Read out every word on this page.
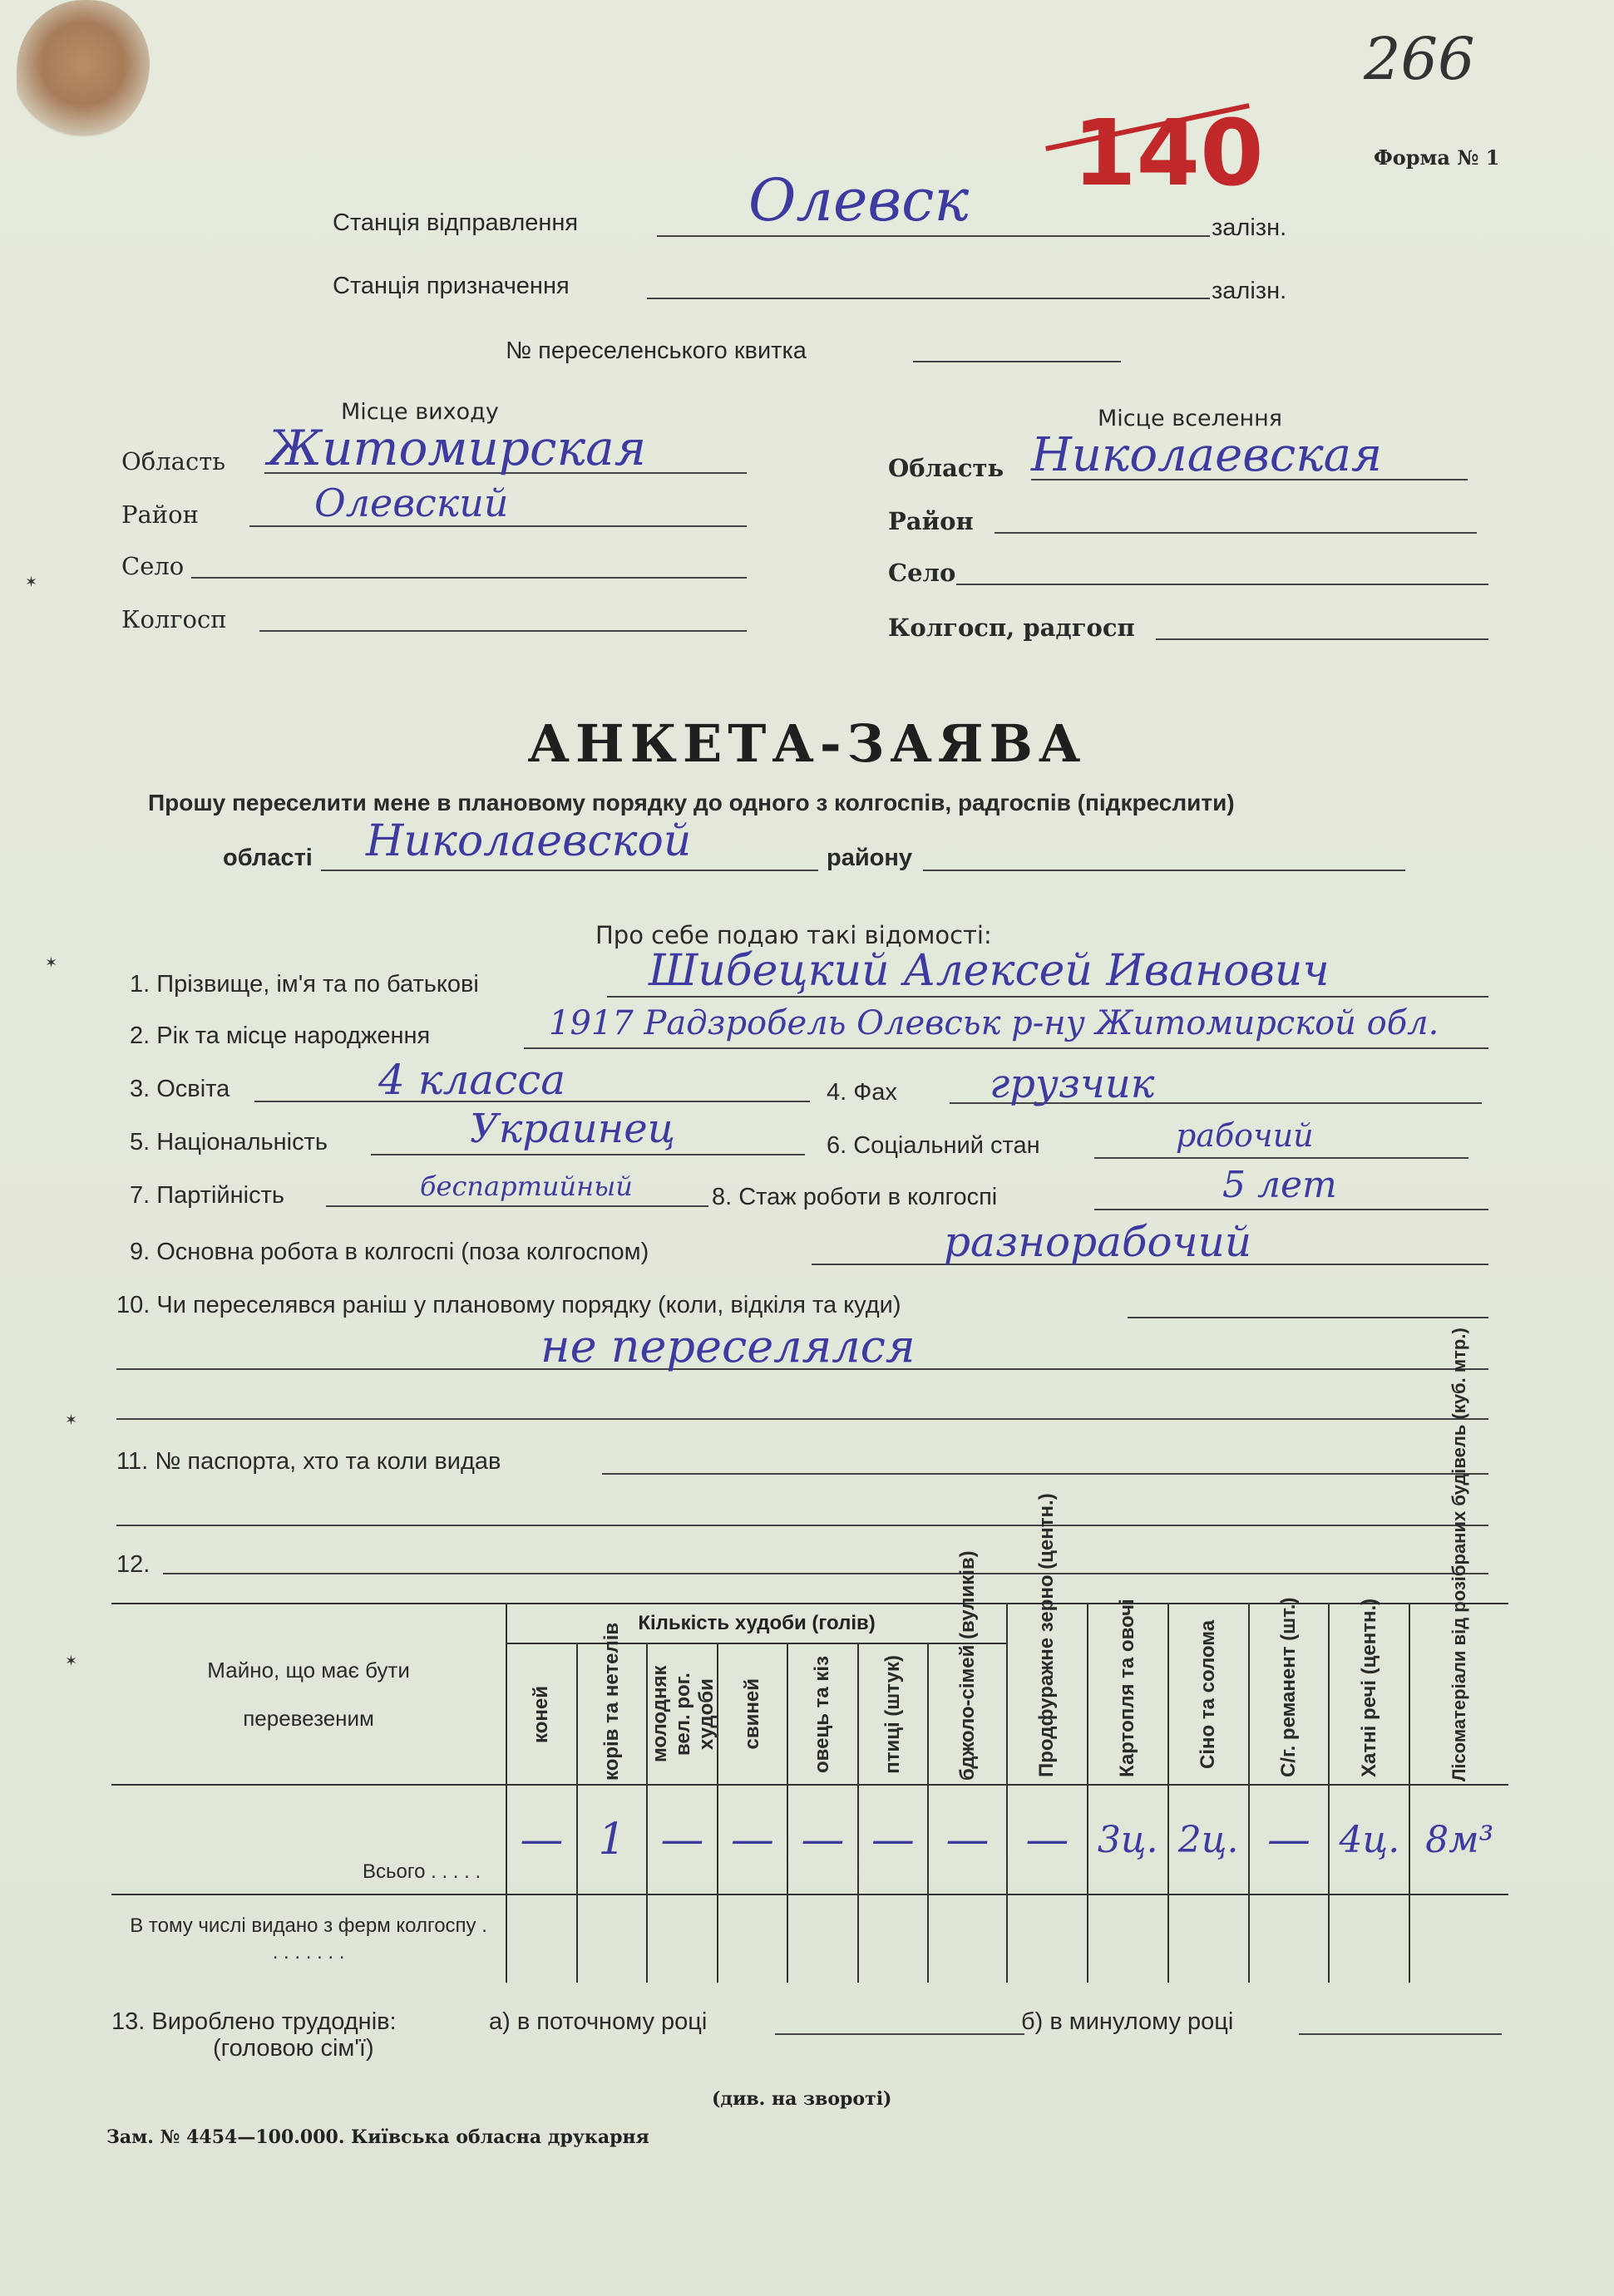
266
140	Форма № 1
Станція відправлення	Олевск	залізн.
Станція призначення	залізн.
№ переселенського квитка
Місце виходу
Область Житомирская
Район	Олевский
Село
Колгосп
Місце вселення
Область Николаевская
Район
Село
Колгосп, радгосп
АНКЕТА-ЗАЯВА
Прошу переселити мене в плановому порядку до одного з колгоспів, радгоспів (підкреслити)
області Николаевской	району
Про себе подаю такі відомості:
1. Прізвище, ім'я та по батькові	Шибецкий Алексей Иванович
2. Рік та місце народження	1917 Радзробель Олевськ р-ну Житомирской обл.
3. Освіта	4 класса	4. Фах грузчик
5. Національність	Украинец	6. Соціальний стан	рабочий
7. Партійність	беспартийный	8. Стаж роботи в колгоспі	5 лет
9. Основна робота в колгоспі (поза колгоспом)	разнорабочий
10. Чи переселявся раніш у плановому порядку (коли, відкіля та куди)
не переселялся
11. № паспорта, хто та коли видав
12.
Майно, що має бути перевезеним	Кількість худоби (голів)							Продфуражне зерно (центн.)	Картопля та овочі	Сіно та солома	С/г. реманент (шт.)	Хатні речі (центн.)	Лісоматеріали від розібраних будівель (куб. мтр.)

	коней	корів та нетелів	молодняк вел. рог. худоби	свиней	овець та кіз	птиці (штук)	бджоло-сімей (вуликів)						

Всього . . . . .	—	1	—	—	—	—	—	—	3ц.	2ц.	—	4ц.	8м³

В тому числі видано з ферм колгоспу . . . . . . . .													

13. Вироблено трудоднів:
(головою сім'ї)
а) в поточному році	б) в минулому році
(див. на звороті)
Зам. № 4454—100.000. Київська обласна друкарня
✶
✶
✶
✶
